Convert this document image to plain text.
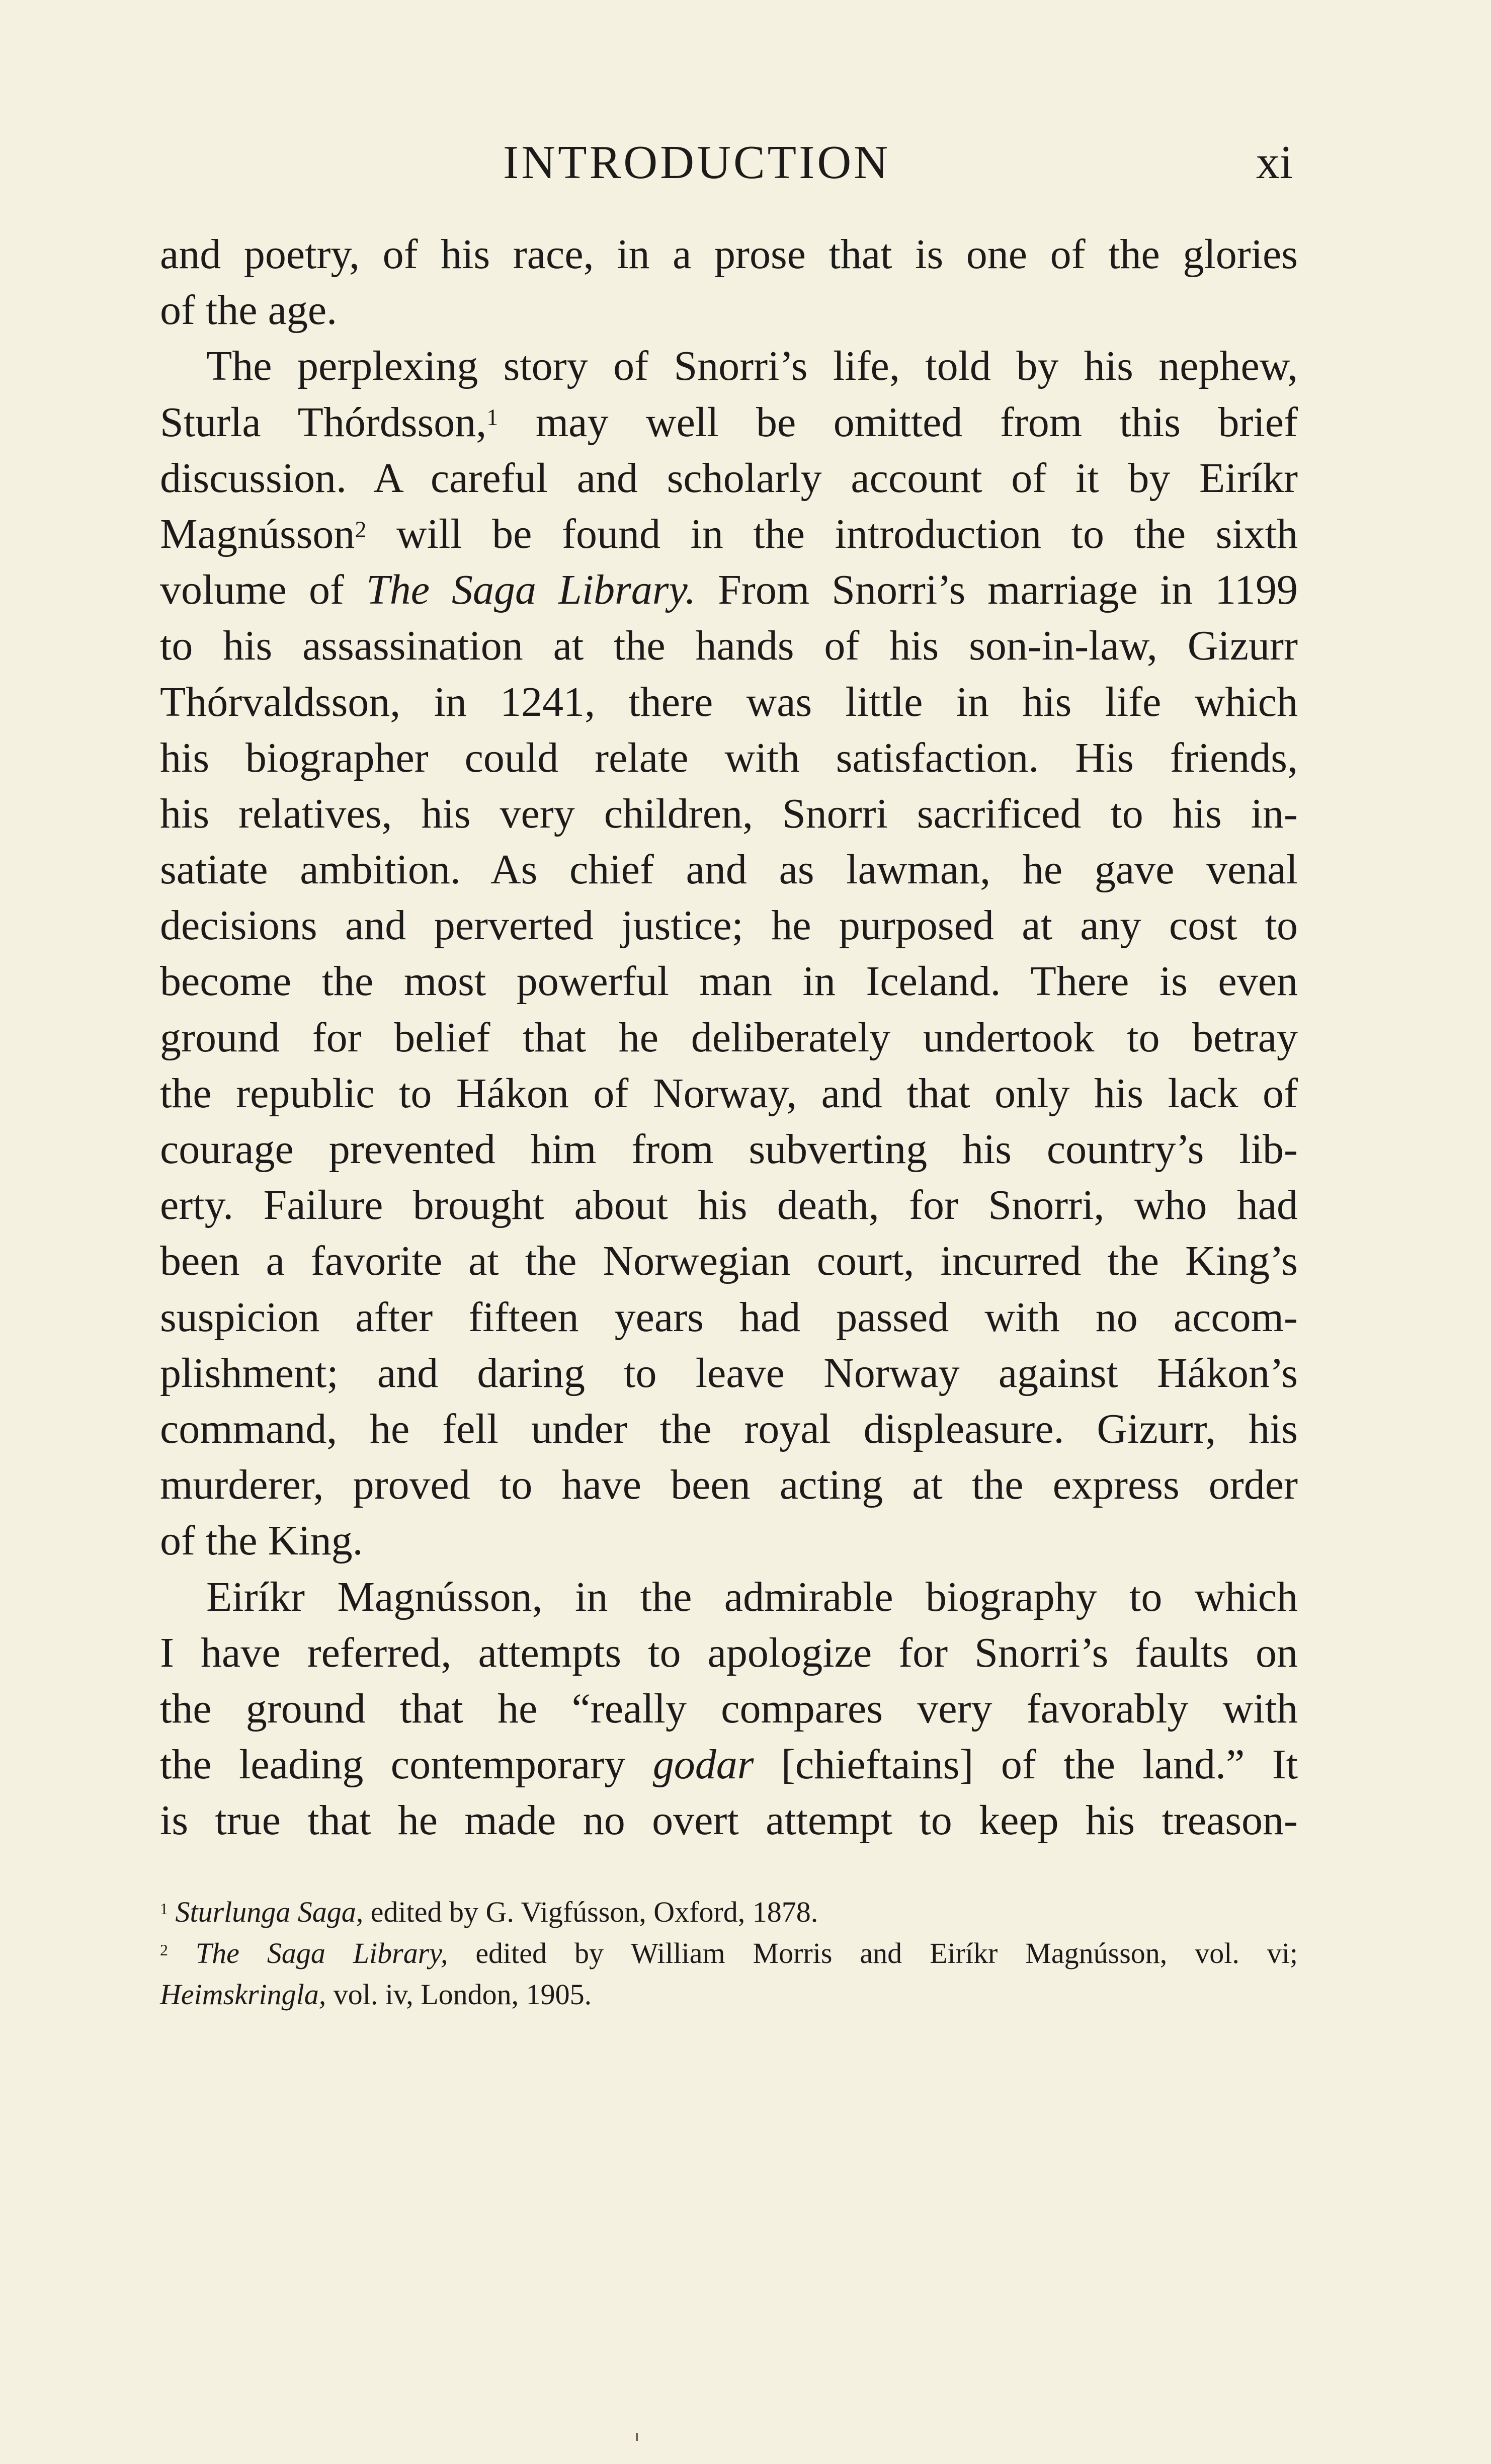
INTRODUCTION	xi
and poetry, of his race, in a prose that is one of the glories
of the age.
The perplexing story of Snorri’s life, told by his nephew,
Sturla Thórdsson,$^1$ may well be omitted from this brief
discussion. A careful and scholarly account of it by Eiríkr
Magnússon$^2$ will be found in the introduction to the sixth
volume of The Saga Library. From Snorri’s marriage in 1199
to his assassination at the hands of his son-in-law, Gizurr
Thórvaldsson, in 1241, there was little in his life which
his biographer could relate with satisfaction. His friends,
his relatives, his very children, Snorri sacrificed to his in-
satiate ambition. As chief and as lawman, he gave venal
decisions and perverted justice; he purposed at any cost to
become the most powerful man in Iceland. There is even
ground for belief that he deliberately undertook to betray
the republic to Hákon of Norway, and that only his lack of
courage prevented him from subverting his country’s lib-
erty. Failure brought about his death, for Snorri, who had
been a favorite at the Norwegian court, incurred the King’s
suspicion after fifteen years had passed with no accom-
plishment; and daring to leave Norway against Hákon’s
command, he fell under the royal displeasure. Gizurr, his
murderer, proved to have been acting at the express order
of the King.
Eiríkr Magnússon, in the admirable biography to which
I have referred, attempts to apologize for Snorri’s faults on
the ground that he “really compares very favorably with
the leading contemporary godar [chieftains] of the land.” It
is true that he made no overt attempt to keep his treason-
$^1$ Sturlunga Saga, edited by G. Vigfússon, Oxford, 1878.
$^2$ The Saga Library, edited by William Morris and Eiríkr Magnússon, vol. vi;
Heimskringla, vol. iv, London, 1905.
